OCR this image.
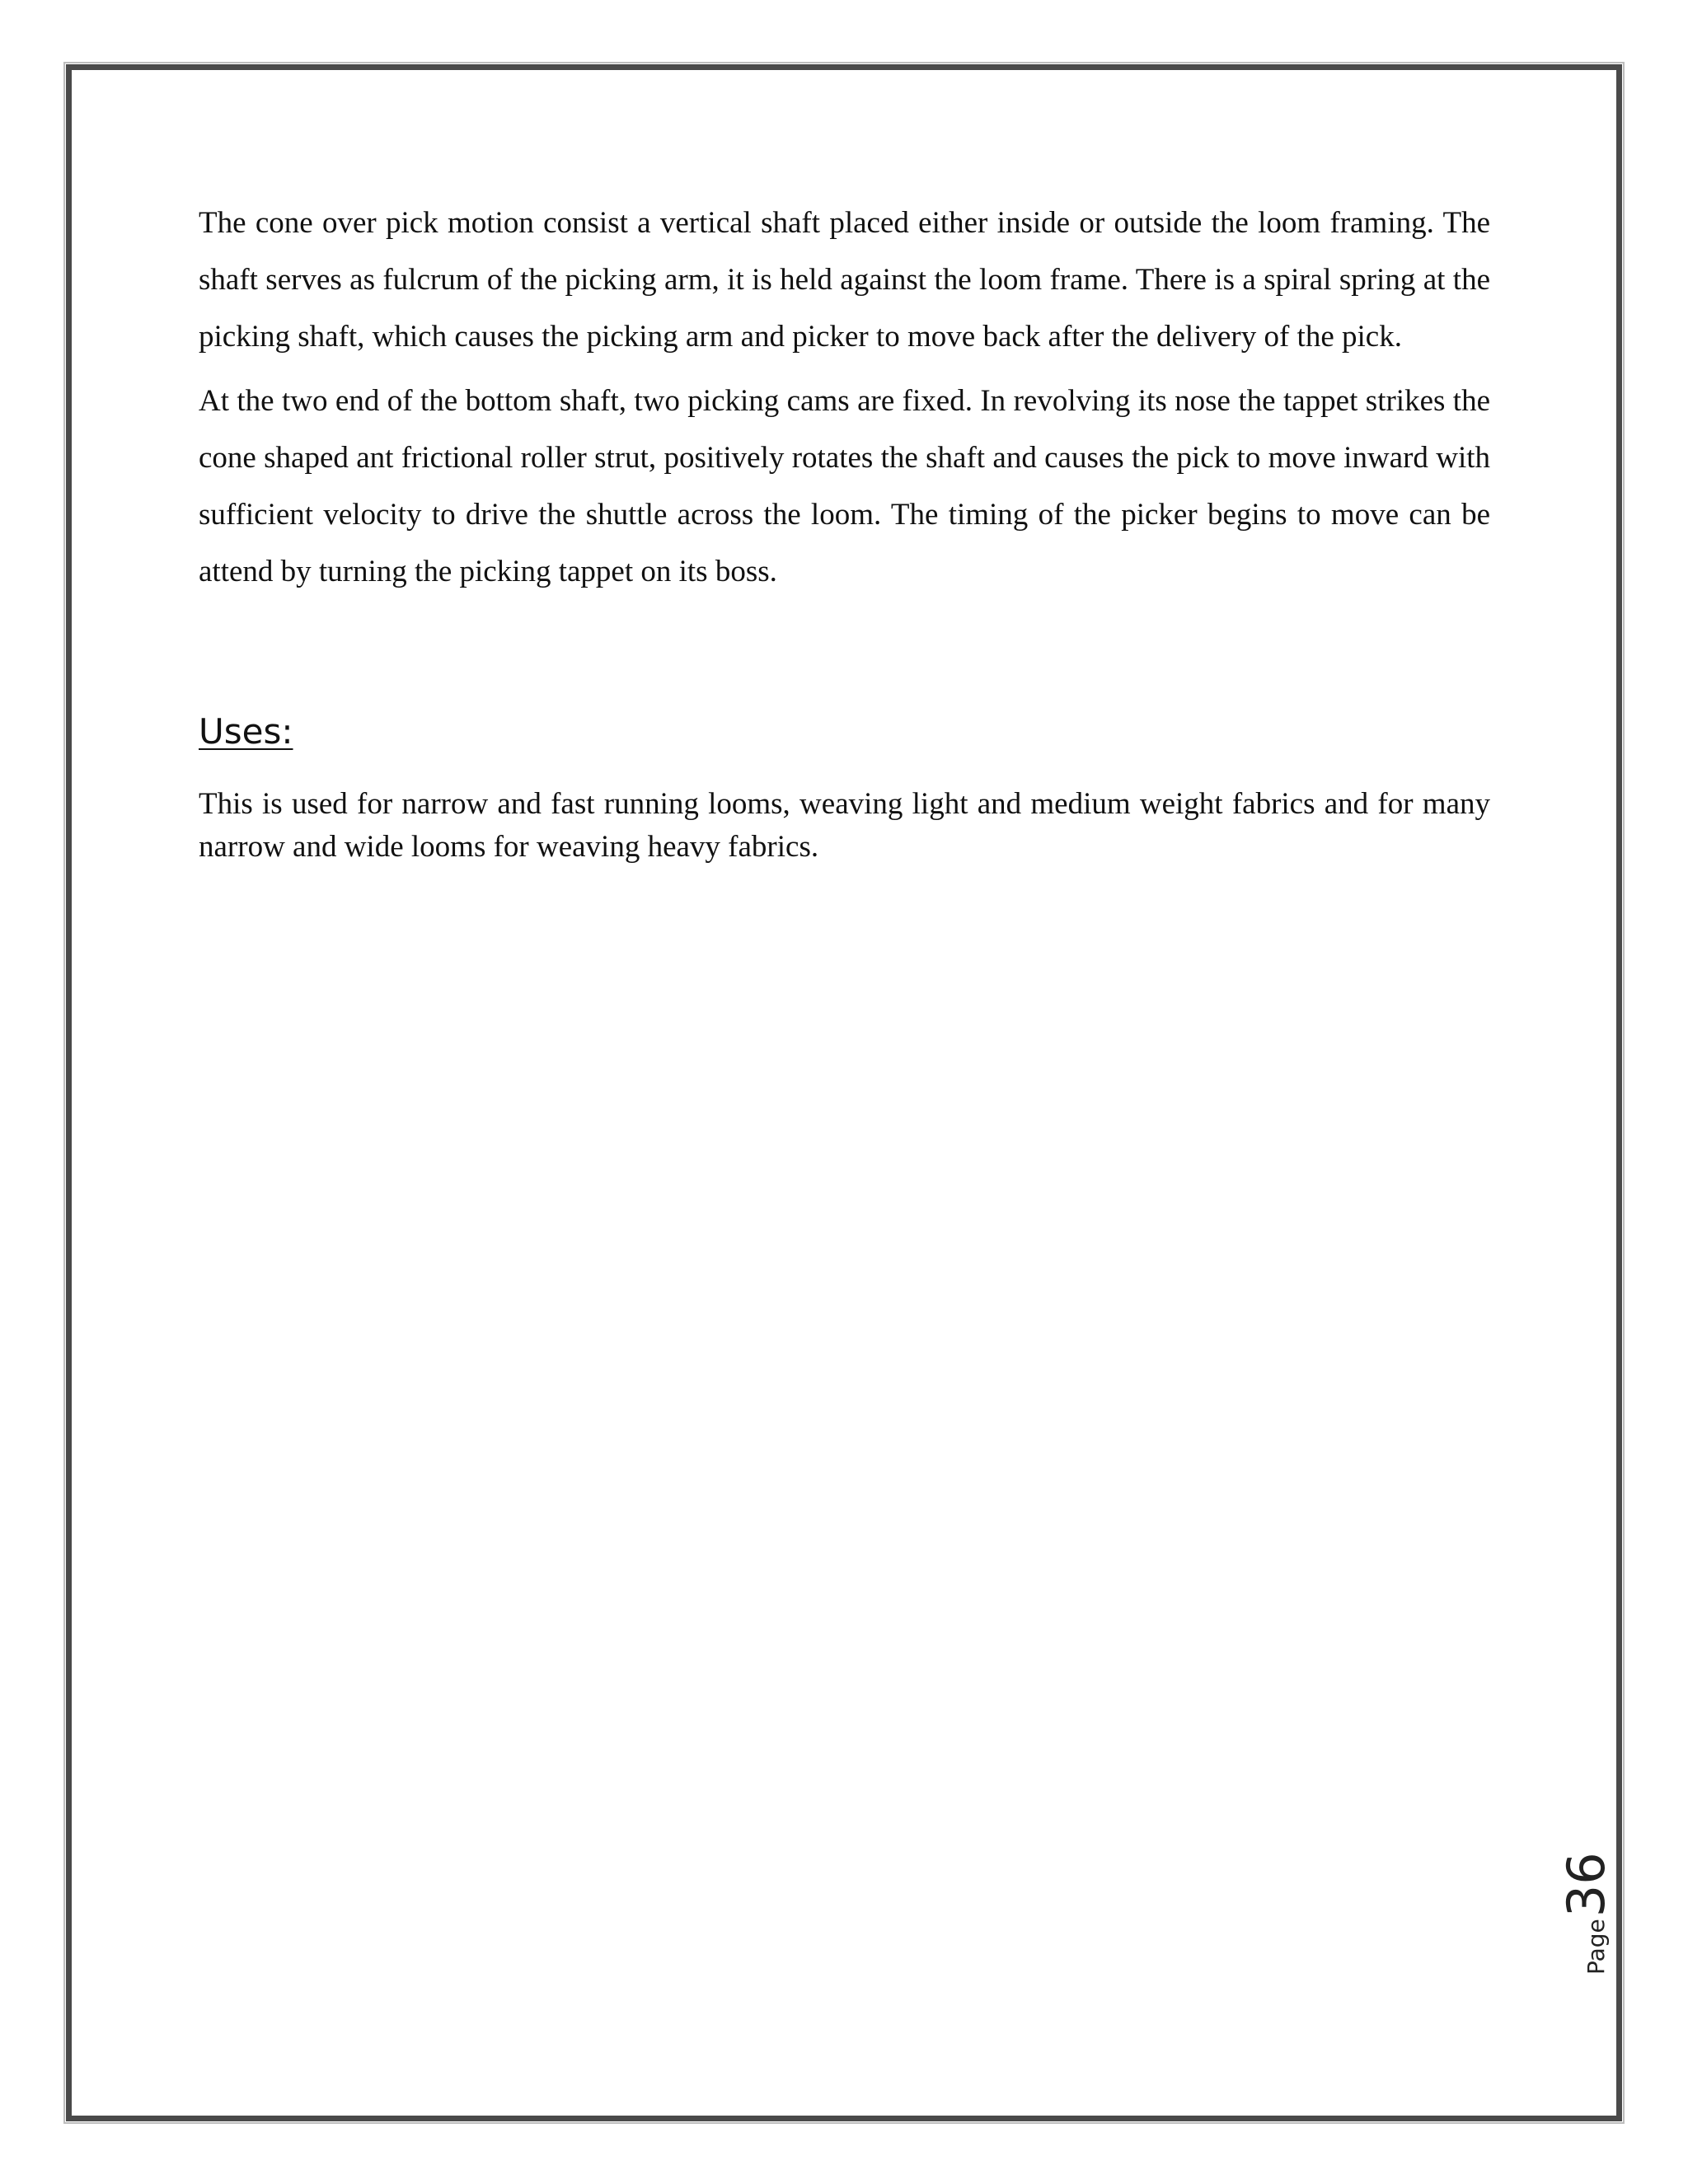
The cone over pick motion consist a vertical shaft placed either inside or outside the loom framing. The shaft serves as fulcrum of the picking arm, it is held against the loom frame. There is a spiral spring at the picking shaft, which causes the picking arm and picker to move back after the delivery of the pick.

At the two end of the bottom shaft, two picking cams are fixed. In revolving its nose the tappet strikes the cone shaped ant frictional roller strut, positively rotates the shaft and causes the pick to move inward with sufficient velocity to drive the shuttle across the loom. The timing of the picker begins to move can be attend by turning the picking tappet on its boss.

Uses:

This is used for narrow and fast running looms, weaving light and medium weight fabrics and for many narrow and wide looms for weaving heavy fabrics.

Page
36
